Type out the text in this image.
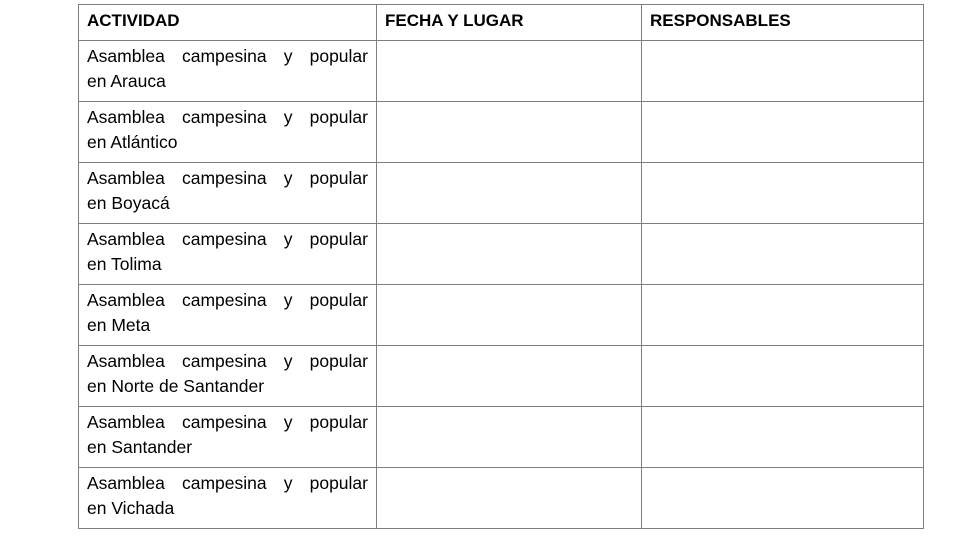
ACTIVIDAD	FECHA Y LUGAR	RESPONSABLES

Asamblea campesina y popular
en Arauca		

Asamblea campesina y popular
en Atlántico		

Asamblea campesina y popular
en Boyacá		

Asamblea campesina y popular
en Tolima		

Asamblea campesina y popular
en Meta		

Asamblea campesina y popular
en Norte de Santander		

Asamblea campesina y popular
en Santander		

Asamblea campesina y popular
en Vichada		
